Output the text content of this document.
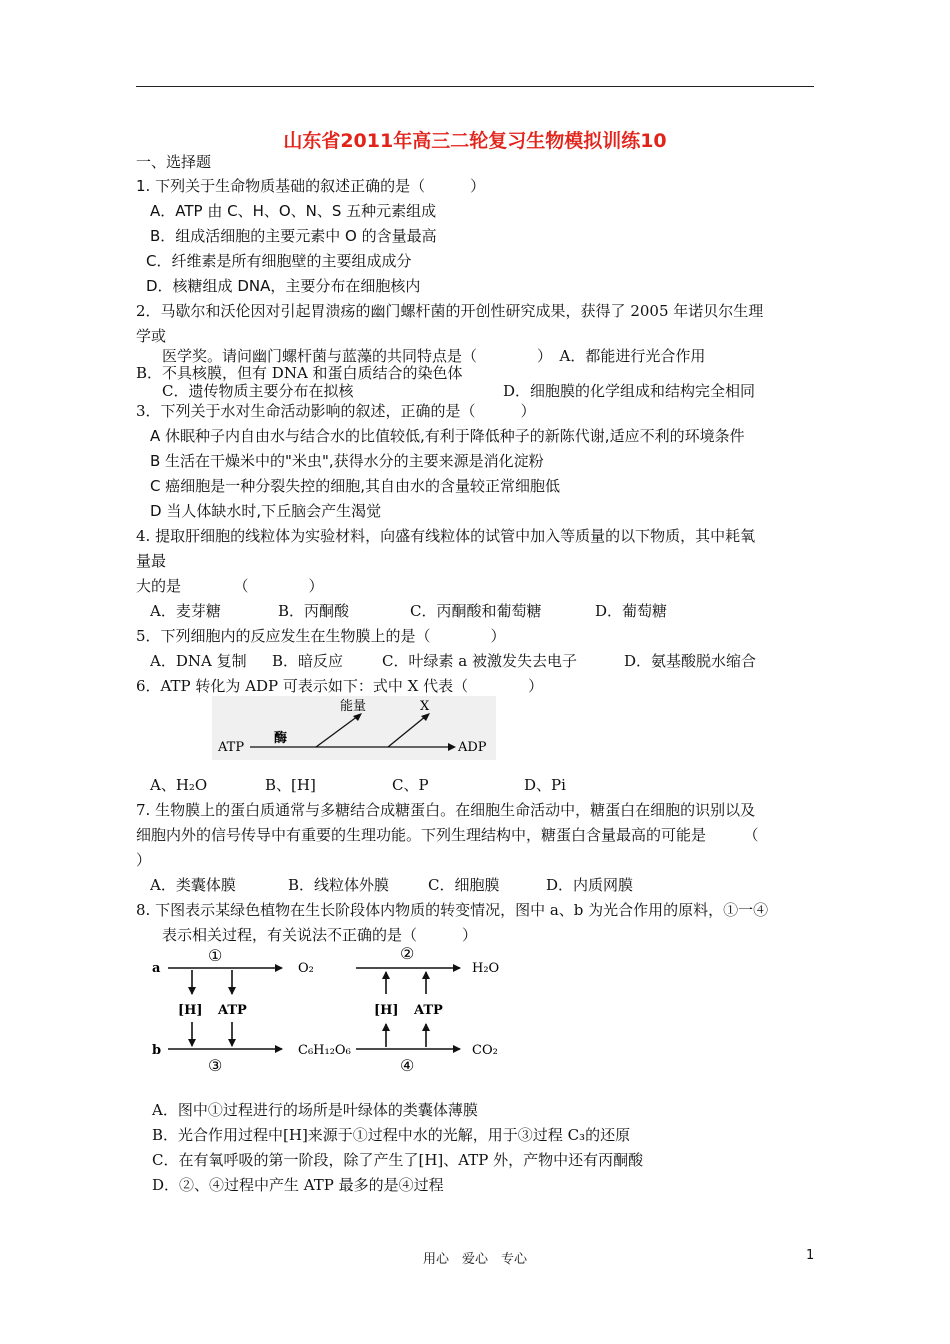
山东省2011年高三二轮复习生物模拟训练10
一、选择题
1. 下列关于生命物质基础的叙述正确的是（　　　）
A．ATP 由 C、H、O、N、S 五种元素组成
B．组成活细胞的主要元素中 O 的含量最高
C．纤维素是所有细胞壁的主要组成成分
D．核糖组成 DNA，主要分布在细胞核内
2．马歇尔和沃伦因对引起胃溃疡的幽门螺杆菌的开创性研究成果，获得了 2005 年诺贝尔生理
学或
医学奖。请问幽门螺杆菌与蓝藻的共同特点是（　　　　）　A．都能进行光合作用
B．不具核膜，但有 DNA 和蛋白质结合的染色体
C．遗传物质主要分布在拟核	D．细胞膜的化学组成和结构完全相同
3．下列关于水对生命活动影响的叙述，正确的是（　　　）
A 休眠种子内自由水与结合水的比值较低,有利于降低种子的新陈代谢,适应不利的环境条件
B 生活在干燥米中的"米虫",获得水分的主要来源是消化淀粉
C 癌细胞是一种分裂失控的细胞,其自由水的含量较正常细胞低
D 当人体缺水时,下丘脑会产生渴觉
4. 提取肝细胞的线粒体为实验材料，向盛有线粒体的试管中加入等质量的以下物质，其中耗氧
量最
大的是　　　　（　　　　）
A．麦芽糖	B．丙酮酸	C．丙酮酸和葡萄糖	D．葡萄糖
5．下列细胞内的反应发生在生物膜上的是（　　　　）
A．DNA 复制 B．暗反应	C．叶绿素 a 被激发失去电子	D．氨基酸脱水缩合
6．ATP 转化为 ADP 可表示如下：式中 X 代表（　　　　）
ATP
酶
能量	X
ADP
A、H₂O	B、[H]	C、P	D、Pi
7. 生物膜上的蛋白质通常与多糖结合成糖蛋白。在细胞生命活动中，糖蛋白在细胞的识别以及
细胞内外的信号传导中有重要的生理功能。下列生理结构中，糖蛋白含量最高的可能是　　　（
）
A．类囊体膜	B．线粒体外膜	C．细胞膜	D．内质网膜
8. 下图表示某绿色植物在生长阶段体内物质的转变情况，图中 a、b 为光合作用的原料，①一④
表示相关过程，有关说法不正确的是（　　　）
a
①
O₂
[H] ATP
b
③
C₆H₁₂O₆
②
H₂O
[H] ATP
④
CO₂
A．图中①过程进行的场所是叶绿体的类囊体薄膜
B．光合作用过程中[H]来源于①过程中水的光解，用于③过程 C₃的还原
C．在有氧呼吸的第一阶段，除了产生了[H]、ATP 外，产物中还有丙酮酸
D．②、④过程中产生 ATP 最多的是④过程
用心　爱心　专心	1
